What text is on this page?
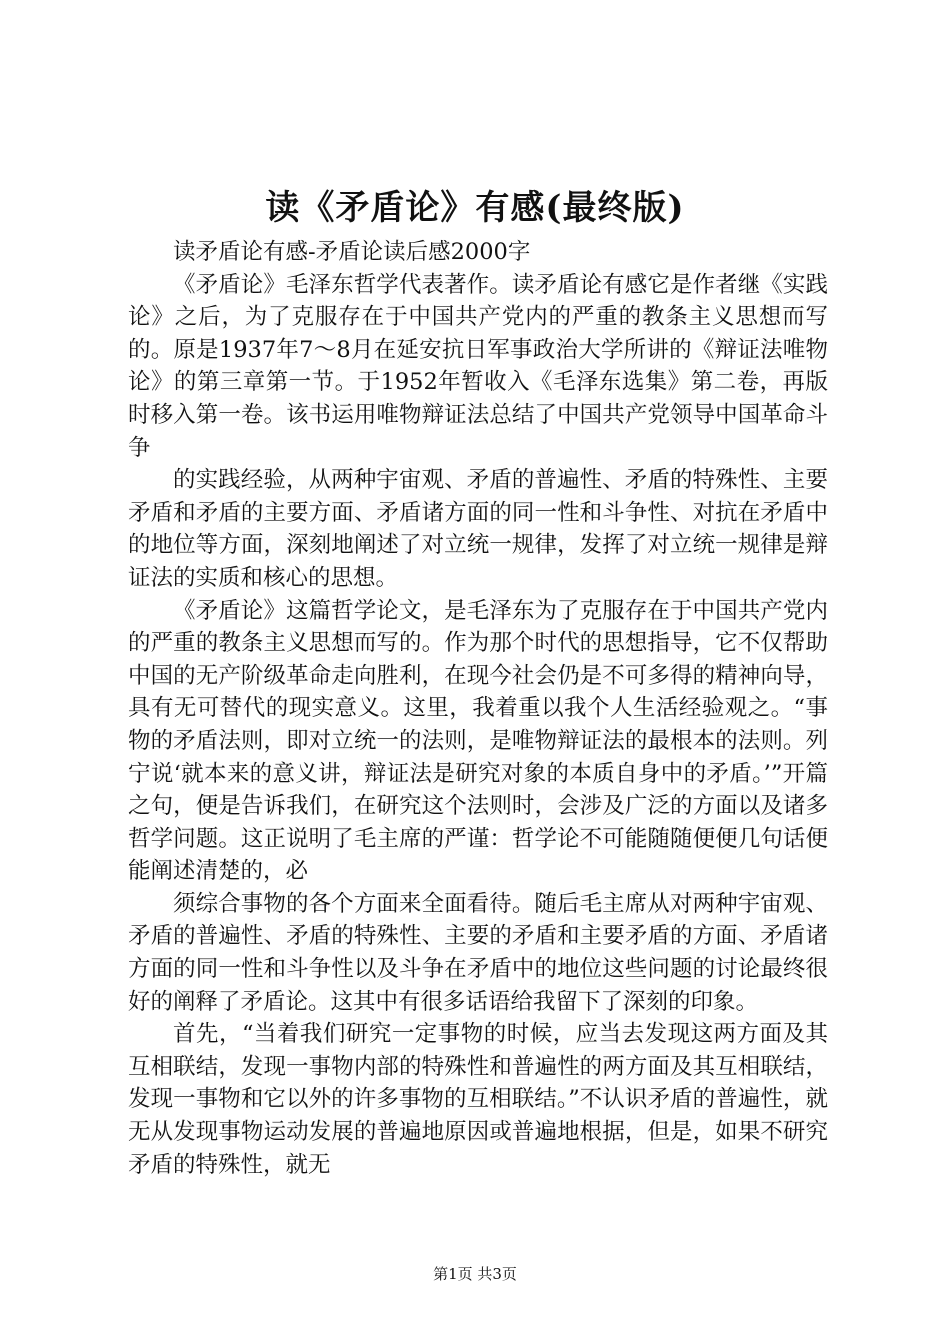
读《矛盾论》有感(最终版)

读矛盾论有感-矛盾论读后感2000字

《矛盾论》毛泽东哲学代表著作。读矛盾论有感它是作者继《实践论》之后，为了克服存在于中国共产党内的严重的教条主义思想而写的。原是1937年7～8月在延安抗日军事政治大学所讲的《辩证法唯物论》的第三章第一节。于1952年暂收入《毛泽东选集》第二卷，再版时移入第一卷。该书运用唯物辩证法总结了中国共产党领导中国革命斗争

的实践经验，从两种宇宙观、矛盾的普遍性、矛盾的特殊性、主要矛盾和矛盾的主要方面、矛盾诸方面的同一性和斗争性、对抗在矛盾中的地位等方面，深刻地阐述了对立统一规律，发挥了对立统一规律是辩证法的实质和核心的思想。

《矛盾论》这篇哲学论文，是毛泽东为了克服存在于中国共产党内的严重的教条主义思想而写的。作为那个时代的思想指导，它不仅帮助中国的无产阶级革命走向胜利，在现今社会仍是不可多得的精神向导，具有无可替代的现实意义。这里，我着重以我个人生活经验观之。“事物的矛盾法则，即对立统一的法则，是唯物辩证法的最根本的法则。列宁说‘就本来的意义讲，辩证法是研究对象的本质自身中的矛盾。’”开篇之句，便是告诉我们，在研究这个法则时，会涉及广泛的方面以及诸多哲学问题。这正说明了毛主席的严谨：哲学论不可能随随便便几句话便能阐述清楚的，必

须综合事物的各个方面来全面看待。随后毛主席从对两种宇宙观、矛盾的普遍性、矛盾的特殊性、主要的矛盾和主要矛盾的方面、矛盾诸方面的同一性和斗争性以及斗争在矛盾中的地位这些问题的讨论最终很好的阐释了矛盾论。这其中有很多话语给我留下了深刻的印象。

首先，“当着我们研究一定事物的时候，应当去发现这两方面及其互相联结，发现一事物内部的特殊性和普遍性的两方面及其互相联结，发现一事物和它以外的许多事物的互相联结。”不认识矛盾的普遍性，就无从发现事物运动发展的普遍地原因或普遍地根据，但是，如果不研究矛盾的特殊性，就无

第1页 共3页
